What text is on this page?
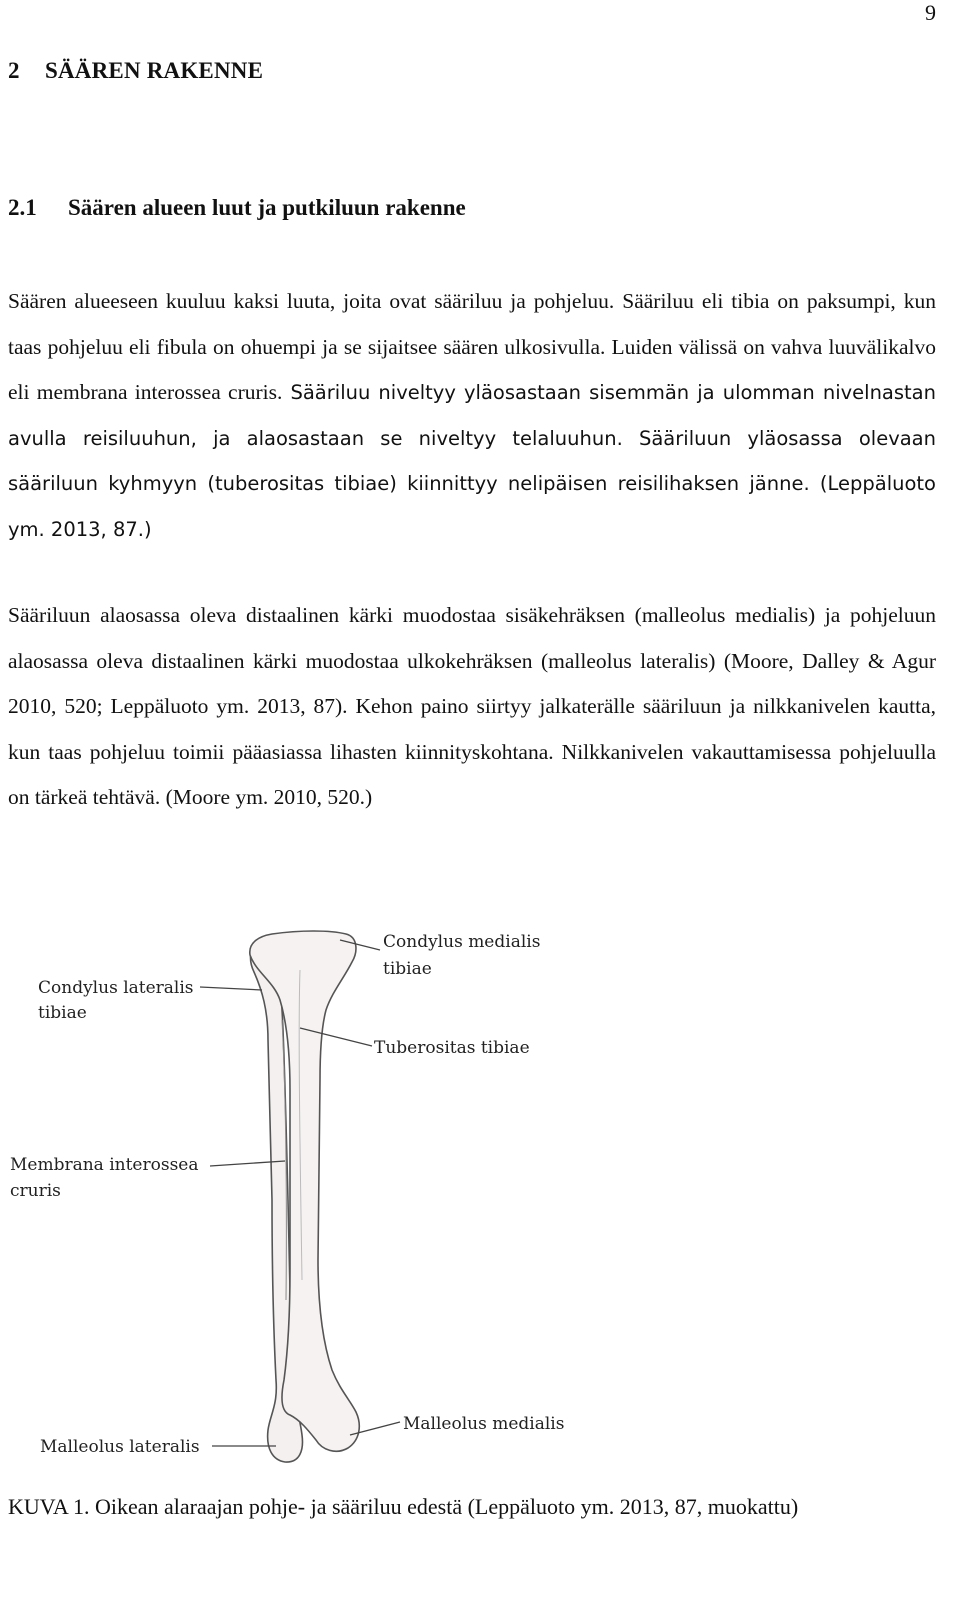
9
2 SÄÄREN RAKENNE
2.1 Säären alueen luut ja putkiluun rakenne

Säären alueeseen kuuluu kaksi luuta, joita ovat sääriluu ja pohjeluu. Sääriluu eli tibia on paksumpi, kun taas pohjeluu eli fibula on ohuempi ja se sijaitsee säären ulkosivulla. Luiden välissä on vahva luuvälikalvo eli membrana interossea cruris. Sääriluu niveltyy yläosastaan sisemmän ja ulomman nivelnastan avulla reisiluuhun, ja alaosastaan se niveltyy telaluuhun. Sääriluun yläosassa olevaan sääriluun kyhmyyn (tuberositas tibiae) kiinnittyy nelipäisen reisilihaksen jänne. (Leppäluoto ym. 2013, 87.)

Sääriluun alaosassa oleva distaalinen kärki muodostaa sisäkehräksen (malleolus medialis) ja pohjeluun alaosassa oleva distaalinen kärki muodostaa ulkokehräksen (malleolus lateralis) (Moore, Dalley & Agur 2010, 520; Leppäluoto ym. 2013, 87). Kehon paino siirtyy jalkaterälle sääriluun ja nilkkanivelen kautta, kun taas pohjeluu toimii pääasiassa lihasten kiinnityskohtana. Nilkkanivelen vakauttamisessa pohjeluulla on tärkeä tehtävä. (Moore ym. 2010, 520.)

Condylus medialis
tibiae
Condylus lateralis
tibiae
Tuberositas tibiae
Membrana interossea
cruris
Malleolus medialis
Malleolus lateralis

KUVA 1. Oikean alaraajan pohje- ja sääriluu edestä (Leppäluoto ym. 2013, 87, muokattu)
